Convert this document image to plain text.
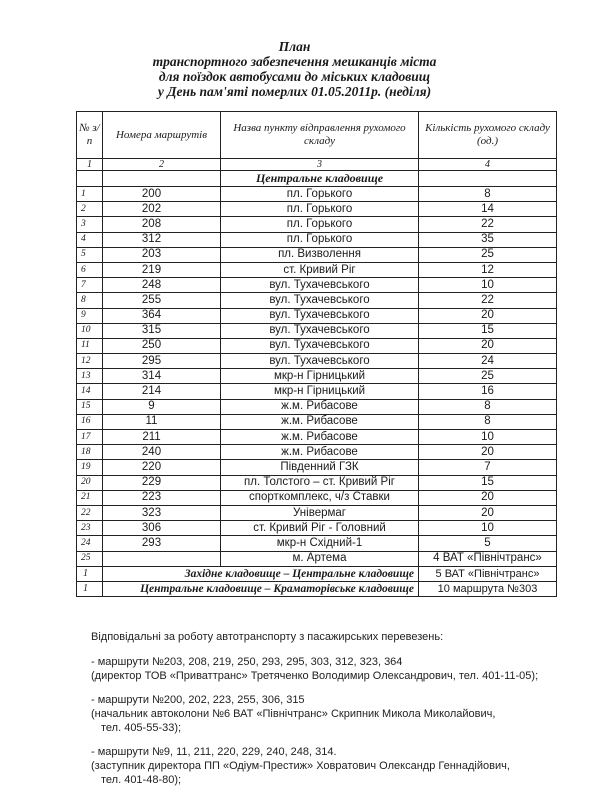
План
транспортного забезпечення мешканців міста
для поїздок автобусами до міських кладовищ
у День пам'яті померлих 01.05.2011р. (неділя)
№ з/ п	Номера маршрутів	Назва пункту відправлення рухомого складу	Кількість рухомого складу (од.)
1	2	3	4
		Центральне кладовище	
1	200	пл. Горького	8
2	202	пл. Горького	14
3	208	пл. Горького	22
4	312	пл. Горького	35
5	203	пл. Визволення	25
6	219	ст. Кривий Ріг	12
7	248	вул. Тухачевського	10
8	255	вул. Тухачевського	22
9	364	вул. Тухачевського	20
10	315	вул. Тухачевського	15
11	250	вул. Тухачевського	20
12	295	вул. Тухачевського	24
13	314	мкр-н Гірницький	25
14	214	мкр-н Гірницький	16
15	9	ж.м. Рибасове	8
16	11	ж.м. Рибасове	8
17	211	ж.м. Рибасове	10
18	240	ж.м. Рибасове	20
19	220	Південний ГЗК	7
20	229	пл. Толстого – ст. Кривий Ріг	15
21	223	спорткомплекс, ч/з Ставки	20
22	323	Універмаг	20
23	306	ст. Кривий Ріг - Головний	10
24	293	мкр-н Східний-1	5
25		м. Артема	4 ВАТ «Північтранс»
1	Західне кладовище – Центральне кладовище		5 ВАТ «Північтранс»
1	Центральне кладовище – Краматорівське кладовище		10 маршрута №303
Відповідальні за роботу автотранспорту з пасажирських перевезень:
- маршрути №203, 208, 219, 250, 293, 295, 303, 312, 323, 364
(директор ТОВ «Приваттранс» Третяченко Володимир Олександрович, тел. 401-11-05);
- маршрути №200, 202, 223, 255, 306, 315
(начальник автоколони №6 ВАТ «Північтранс» Скрипник Микола Миколайович,
тел. 405-55-33);
- маршрути №9, 11, 211, 220, 229, 240, 248, 314.
(заступник директора ПП «Одіум-Престиж» Ховратович Олександр Геннадійович,
тел. 401-48-80);
